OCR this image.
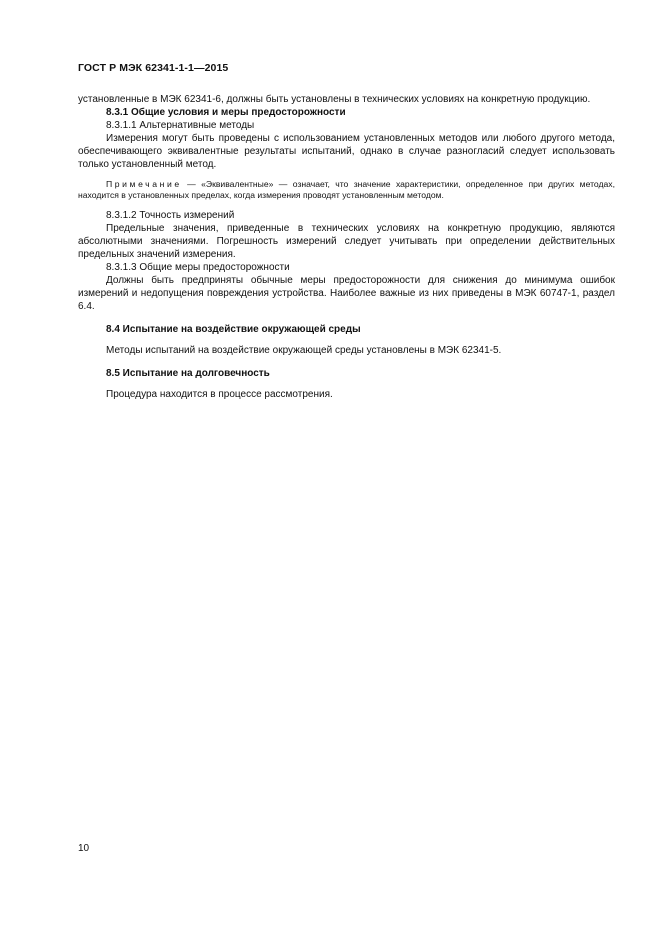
ГОСТ Р МЭК 62341-1-1—2015

установленные в МЭК 62341-6, должны быть установлены в технических условиях на конкретную продукцию.

8.3.1 Общие условия и меры предосторожности

8.3.1.1 Альтернативные методы

Измерения могут быть проведены с использованием установленных методов или любого другого метода, обеспечивающего эквивалентные результаты испытаний, однако в случае разногласий следует использовать только установленный метод.

Примечание — «Эквивалентные» — означает, что значение характеристики, определенное при других методах, находится в установленных пределах, когда измерения проводят установленным методом.

8.3.1.2 Точность измерений

Предельные значения, приведенные в технических условиях на конкретную продукцию, являются абсолютными значениями. Погрешность измерений следует учитывать при определении действительных предельных значений измерения.

8.3.1.3 Общие меры предосторожности

Должны быть предприняты обычные меры предосторожности для снижения до минимума ошибок измерений и недопущения повреждения устройства. Наиболее важные из них приведены в МЭК 60747-1, раздел 6.4.

8.4 Испытание на воздействие окружающей среды

Методы испытаний на воздействие окружающей среды установлены в МЭК 62341-5.

8.5 Испытание на долговечность

Процедура находится в процессе рассмотрения.

10
